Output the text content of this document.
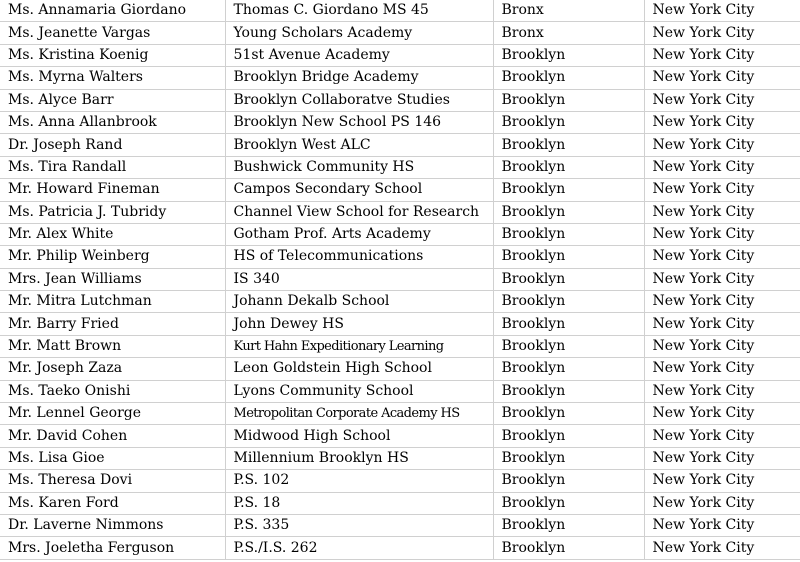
Ms. Annamaria Giordano	Thomas C. Giordano MS 45	Bronx	New York City
Ms. Jeanette Vargas	Young Scholars Academy	Bronx	New York City
Ms. Kristina Koenig	51st Avenue Academy	Brooklyn	New York City
Ms. Myrna Walters	Brooklyn Bridge Academy	Brooklyn	New York City
Ms. Alyce Barr	Brooklyn Collaboratve Studies	Brooklyn	New York City
Ms. Anna Allanbrook	Brooklyn New School PS 146	Brooklyn	New York City
Dr. Joseph Rand	Brooklyn West ALC	Brooklyn	New York City
Ms. Tira Randall	Bushwick Community HS	Brooklyn	New York City
Mr. Howard Fineman	Campos Secondary School	Brooklyn	New York City
Ms. Patricia J. Tubridy	Channel View School for Research	Brooklyn	New York City
Mr. Alex White	Gotham Prof. Arts Academy	Brooklyn	New York City
Mr. Philip Weinberg	HS of Telecommunications	Brooklyn	New York City
Mrs. Jean Williams	IS 340	Brooklyn	New York City
Mr. Mitra Lutchman	Johann Dekalb School	Brooklyn	New York City
Mr. Barry Fried	John Dewey HS	Brooklyn	New York City
Mr. Matt Brown	Kurt Hahn Expeditionary Learning	Brooklyn	New York City
Mr. Joseph Zaza	Leon Goldstein High School	Brooklyn	New York City
Ms. Taeko Onishi	Lyons Community School	Brooklyn	New York City
Mr. Lennel George	Metropolitan Corporate Academy HS	Brooklyn	New York City
Mr. David Cohen	Midwood High School	Brooklyn	New York City
Ms. Lisa Gioe	Millennium Brooklyn HS	Brooklyn	New York City
Ms. Theresa Dovi	P.S. 102	Brooklyn	New York City
Ms. Karen Ford	P.S. 18	Brooklyn	New York City
Dr. Laverne Nimmons	P.S. 335	Brooklyn	New York City
Mrs. Joeletha Ferguson	P.S./I.S. 262	Brooklyn	New York City
